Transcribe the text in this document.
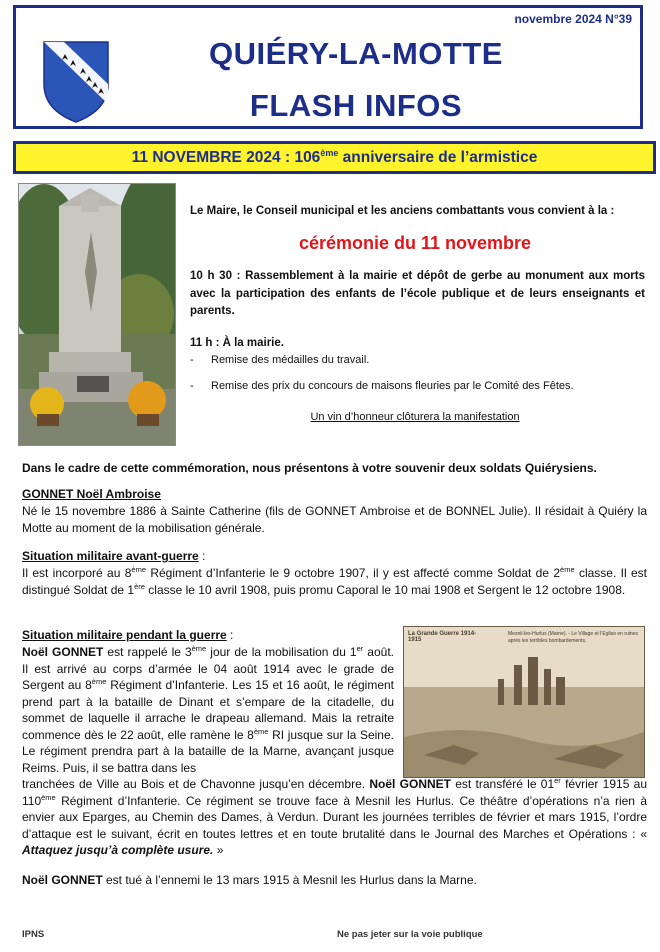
novembre 2024 N°39
QUIÉRY-LA-MOTTE
FLASH INFOS
11 NOVEMBRE 2024 : 106ème anniversaire de l’armistice
Le Maire, le Conseil municipal et les anciens combattants vous convient à la :
cérémonie du 11 novembre
10 h 30 : Rassemblement à la mairie et dépôt de gerbe au monument aux morts avec la participation des enfants de l’école publique et de leurs enseignants et parents.
11 h : À la mairie.
- Remise des médailles du travail.
- Remise des prix du concours de maisons fleuries par le Comité des Fêtes.
Un vin d’honneur clôturera la manifestation
Dans le cadre de cette commémoration, nous présentons à votre souvenir deux soldats Quiérysiens.
GONNET Noël Ambroise
Né le 15 novembre 1886 à Sainte Catherine (fils de GONNET Ambroise et de BONNEL Julie). Il résidait à Quiéry la Motte au moment de la mobilisation générale.
Situation militaire avant-guerre :
Il est incorporé au 8ème Régiment d’Infanterie le 9 octobre 1907, il y est affecté comme Soldat de 2ème classe. Il est distingué Soldat de 1ère classe le 10 avril 1908, puis promu Caporal le 10 mai 1908 et Sergent le 12 octobre 1908.
Situation militaire pendant la guerre :
Noël GONNET est rappelé le 3ème jour de la mobilisation du 1er août. Il est arrivé au corps d’armée le 04 août 1914 avec le grade de Sergent au 8ème Régiment d’Infanterie. Les 15 et 16 août, le régiment prend part à la bataille de Dinant et s’empare de la citadelle, du sommet de laquelle il arrache le drapeau allemand. Mais la retraite commence dès le 22 août, elle ramène le 8ème RI jusque sur la Seine. Le régiment prendra part à la bataille de la Marne, avançant jusque Reims. Puis, il se battra dans les
La Grande Guerre 1914-1915
Mesnil-les-Hurlus (Marne). - Le Village et l’Eglise en ruines après les terribles bombardements.
tranchées de Ville au Bois et de Chavonne jusqu’en décembre. Noël GONNET est transféré le 01er février 1915 au 110ème Régiment d’Infanterie. Ce régiment se trouve face à Mesnil les Hurlus. Ce théâtre d’opérations n’a rien à envier aux Eparges, au Chemin des Dames, à Verdun. Durant les journées terribles de février et mars 1915, l’ordre d’attaque est le suivant, écrit en toutes lettres et en toute brutalité dans le Journal des Marches et Opérations : « Attaquez jusqu’à complète usure. »
Noël GONNET est tué à l’ennemi le 13 mars 1915 à Mesnil les Hurlus dans la Marne.
IPNS	Ne pas jeter sur la voie publique
